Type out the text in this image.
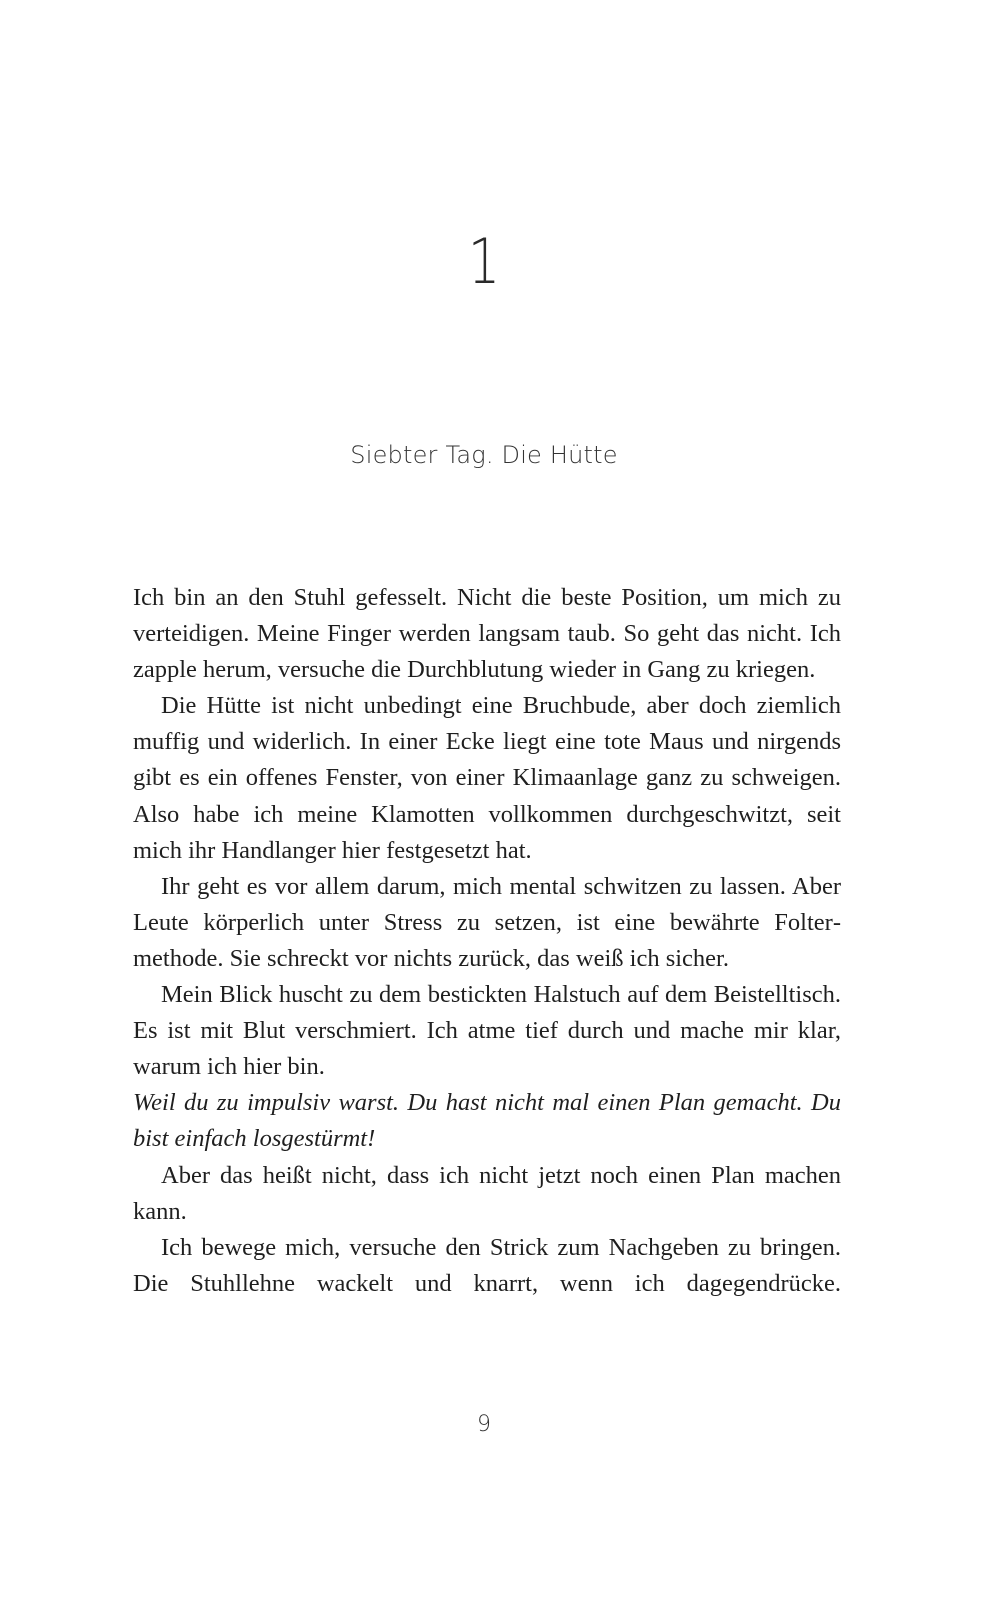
1
Siebter Tag. Die Hütte

Ich bin an den Stuhl gefesselt. Nicht die beste Position, um mich zu verteidigen. Meine Finger werden langsam taub. So geht das nicht. Ich zapple herum, versuche die Durchblutung wieder in Gang zu kriegen.

Die Hütte ist nicht unbedingt eine Bruchbude, aber doch ziemlich muffig und widerlich. In einer Ecke liegt eine tote Maus und nirgends gibt es ein offenes Fenster, von einer Klimaanlage ganz zu schweigen. Also habe ich meine Klamotten vollkommen durchgeschwitzt, seit mich ihr Handlanger hier festgesetzt hat.

Ihr geht es vor allem darum, mich mental schwitzen zu lassen. Aber Leute körperlich unter Stress zu setzen, ist eine bewährte Foltermethode. Sie schreckt vor nichts zurück, das weiß ich sicher.

Mein Blick huscht zu dem bestickten Halstuch auf dem Beistelltisch. Es ist mit Blut verschmiert. Ich atme tief durch und mache mir klar, warum ich hier bin.

Weil du zu impulsiv warst. Du hast nicht mal einen Plan gemacht. Du bist einfach losgestürmt!

Aber das heißt nicht, dass ich nicht jetzt noch einen Plan machen kann.

Ich bewege mich, versuche den Strick zum Nachgeben zu bringen. Die Stuhllehne wackelt und knarrt, wenn ich dagegendrücke.

9
